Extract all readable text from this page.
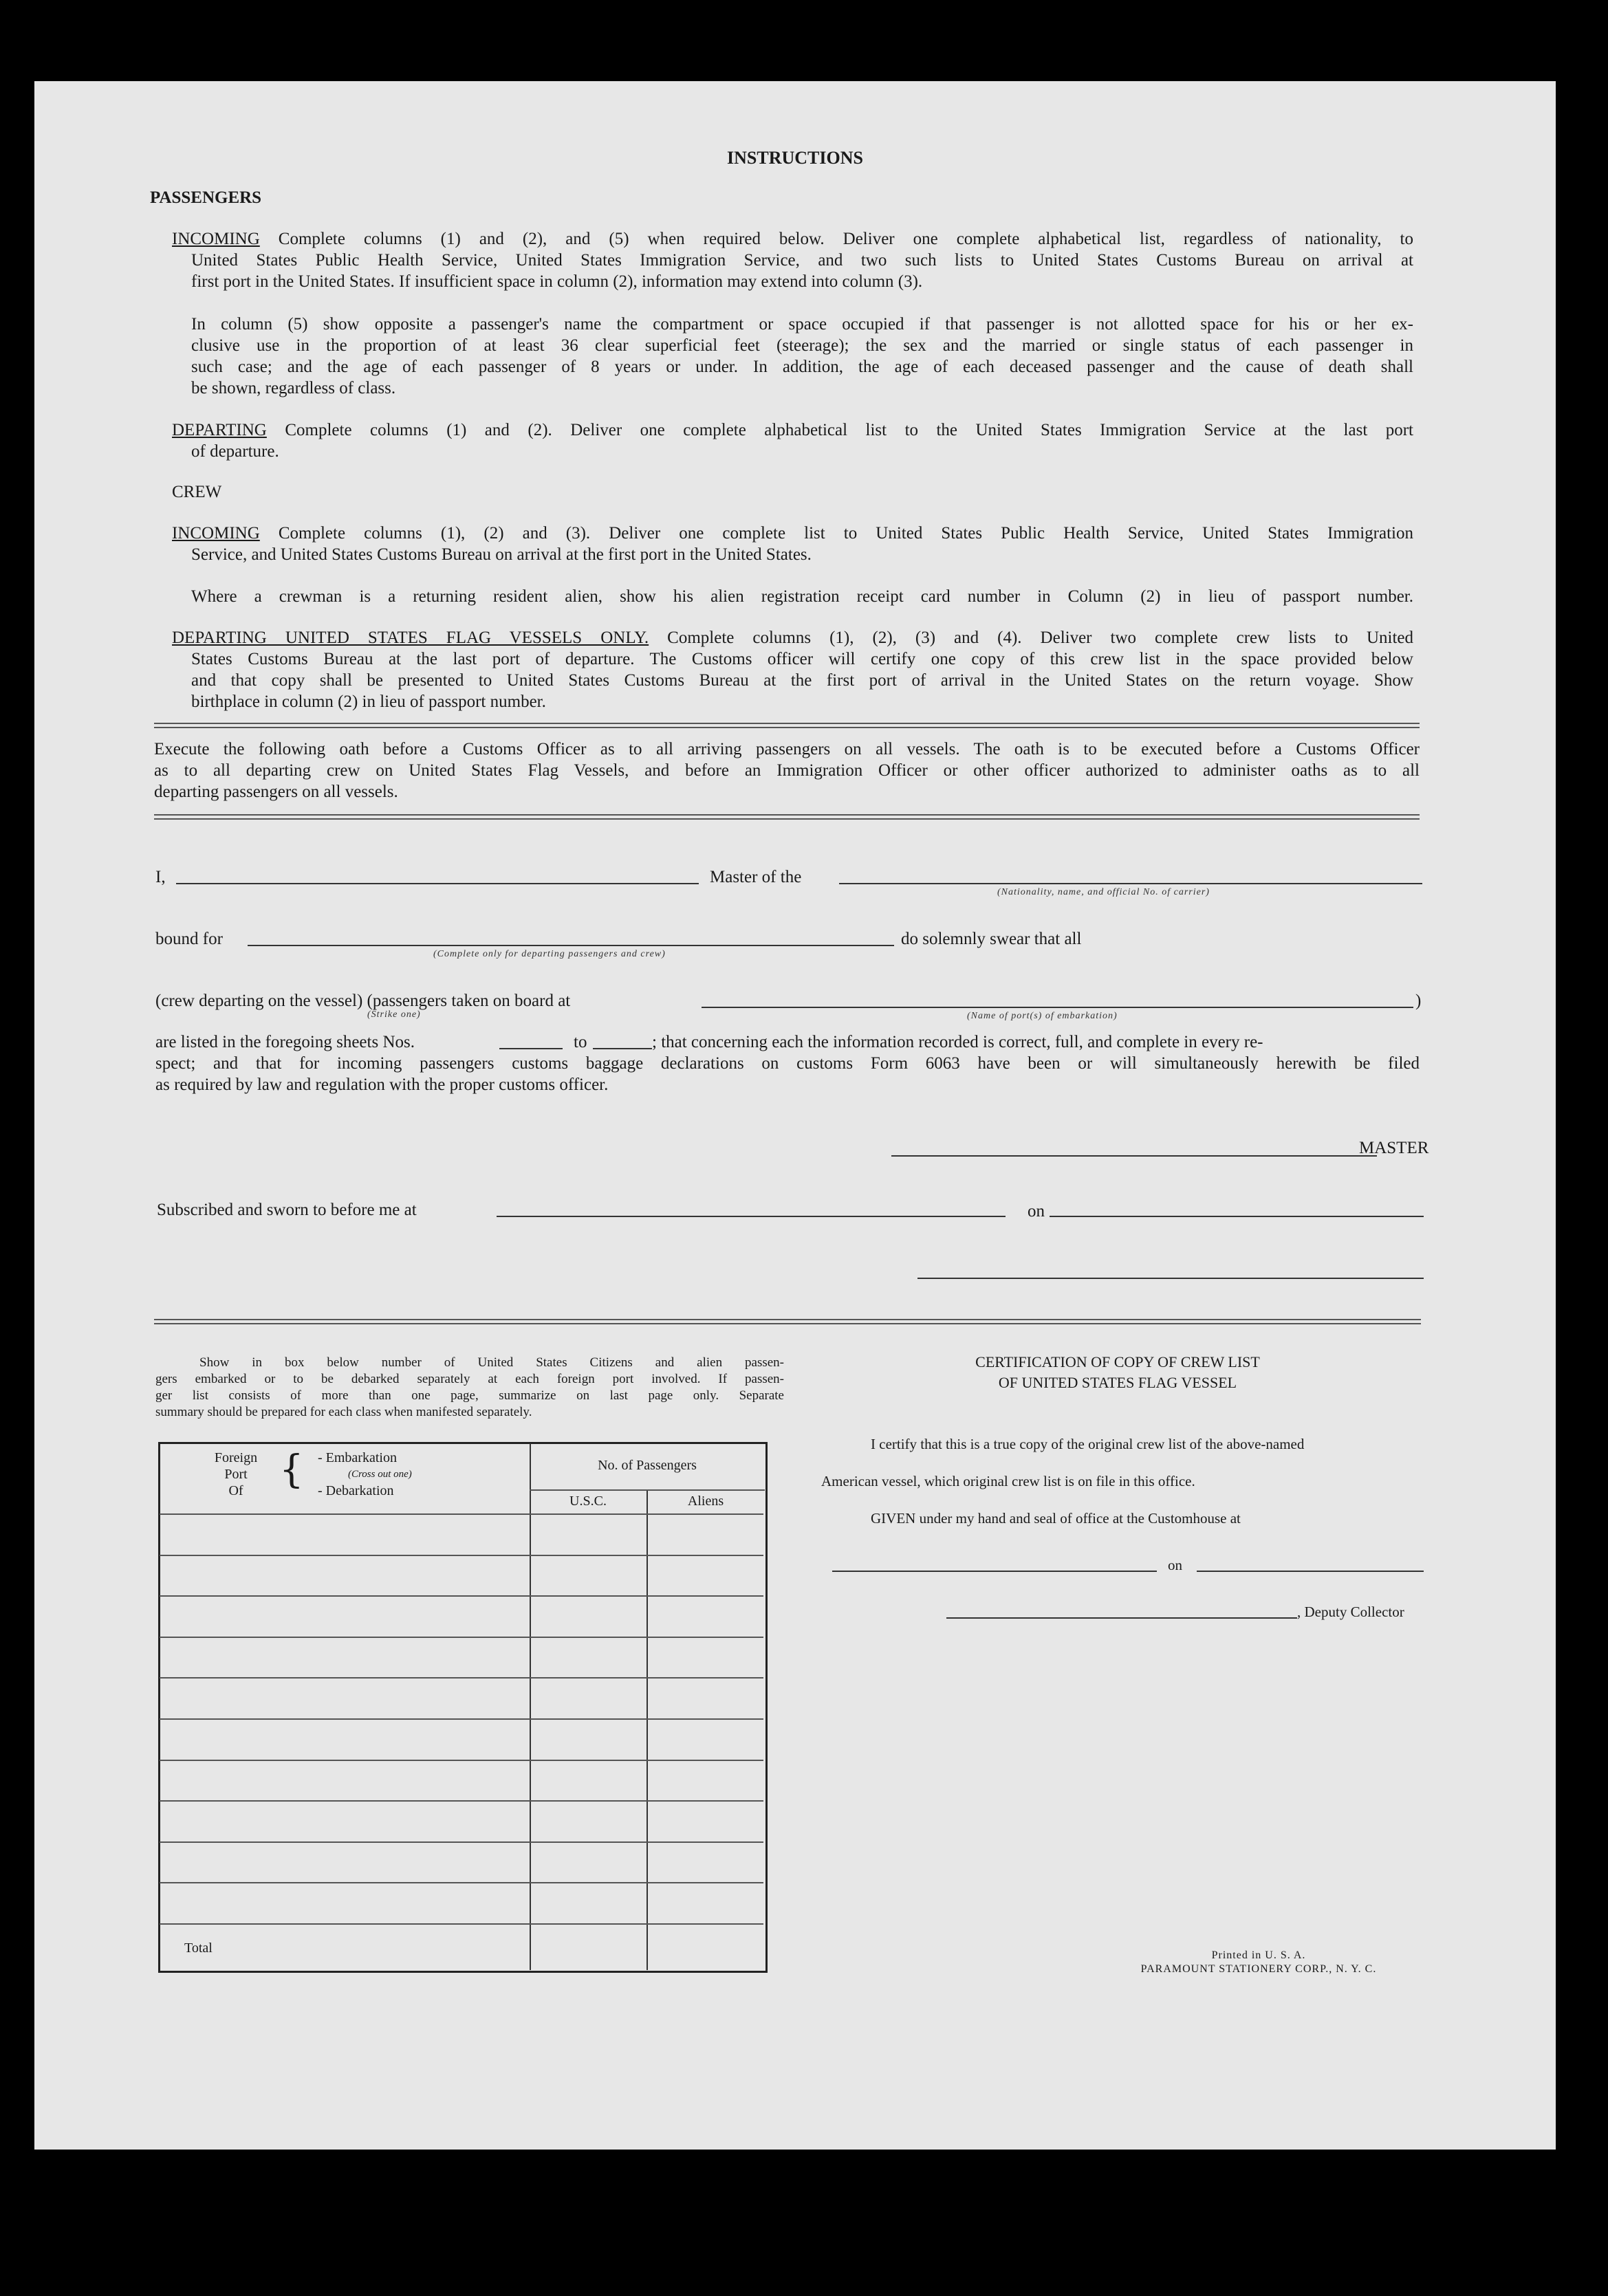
INSTRUCTIONS
PASSENGERS
INCOMING Complete columns (1) and (2), and (5) when required below. Deliver one complete alphabetical list, regardless of nationality, to
United States Public Health Service, United States Immigration Service, and two such lists to United States Customs Bureau on arrival at
first port in the United States. If insufficient space in column (2), information may extend into column (3).
In column (5) show opposite a passenger's name the compartment or space occupied if that passenger is not allotted space for his or her ex-
clusive use in the proportion of at least 36 clear superficial feet (steerage); the sex and the married or single status of each passenger in
such case; and the age of each passenger of 8 years or under. In addition, the age of each deceased passenger and the cause of death shall
be shown, regardless of class.
DEPARTING Complete columns (1) and (2). Deliver one complete alphabetical list to the United States Immigration Service at the last port
of departure.
CREW
INCOMING Complete columns (1), (2) and (3). Deliver one complete list to United States Public Health Service, United States Immigration
Service, and United States Customs Bureau on arrival at the first port in the United States.
Where a crewman is a returning resident alien, show his alien registration receipt card number in Column (2) in lieu of passport number.
DEPARTING UNITED STATES FLAG VESSELS ONLY. Complete columns (1), (2), (3) and (4). Deliver two complete crew lists to United
States Customs Bureau at the last port of departure. The Customs officer will certify one copy of this crew list in the space provided below
and that copy shall be presented to United States Customs Bureau at the first port of arrival in the United States on the return voyage. Show
birthplace in column (2) in lieu of passport number.
Execute the following oath before a Customs Officer as to all arriving passengers on all vessels. The oath is to be executed before a Customs Officer
as to all departing crew on United States Flag Vessels, and before an Immigration Officer or other officer authorized to administer oaths as to all
departing passengers on all vessels.
I,	Master of the
(Nationality, name, and official No. of carrier)
bound for
(Complete only for departing passengers and crew)
do solemnly swear that all
(crew departing on the vessel) (passengers taken on board at
(Strike one)	(Name of port(s) of embarkation)
)
are listed in the foregoing sheets Nos.	to	; that concerning each the information recorded is correct, full, and complete in every re-
spect; and that for incoming passengers customs baggage declarations on customs Form 6063 have been or will simultaneously herewith be filed
as required by law and regulation with the proper customs officer.
MASTER
Subscribed and sworn to before me at	on
Show in box below number of United States Citizens and alien passen-
gers embarked or to be debarked separately at each foreign port involved. If passen-
ger list consists of more than one page, summarize on last page only. Separate
summary should be prepared for each class when manifested separately.
Foreign
Port
Of { - Embarkation
(Cross out one)
- Debarkation
No. of Passengers
U.S.C.	Aliens
Total
CERTIFICATION OF COPY OF CREW LIST
OF UNITED STATES FLAG VESSEL
I certify that this is a true copy of the original crew list of the above-named
American vessel, which original crew list is on file in this office.
GIVEN under my hand and seal of office at the Customhouse at
on
, Deputy Collector
Printed in U. S. A.
PARAMOUNT STATIONERY CORP., N. Y. C.
